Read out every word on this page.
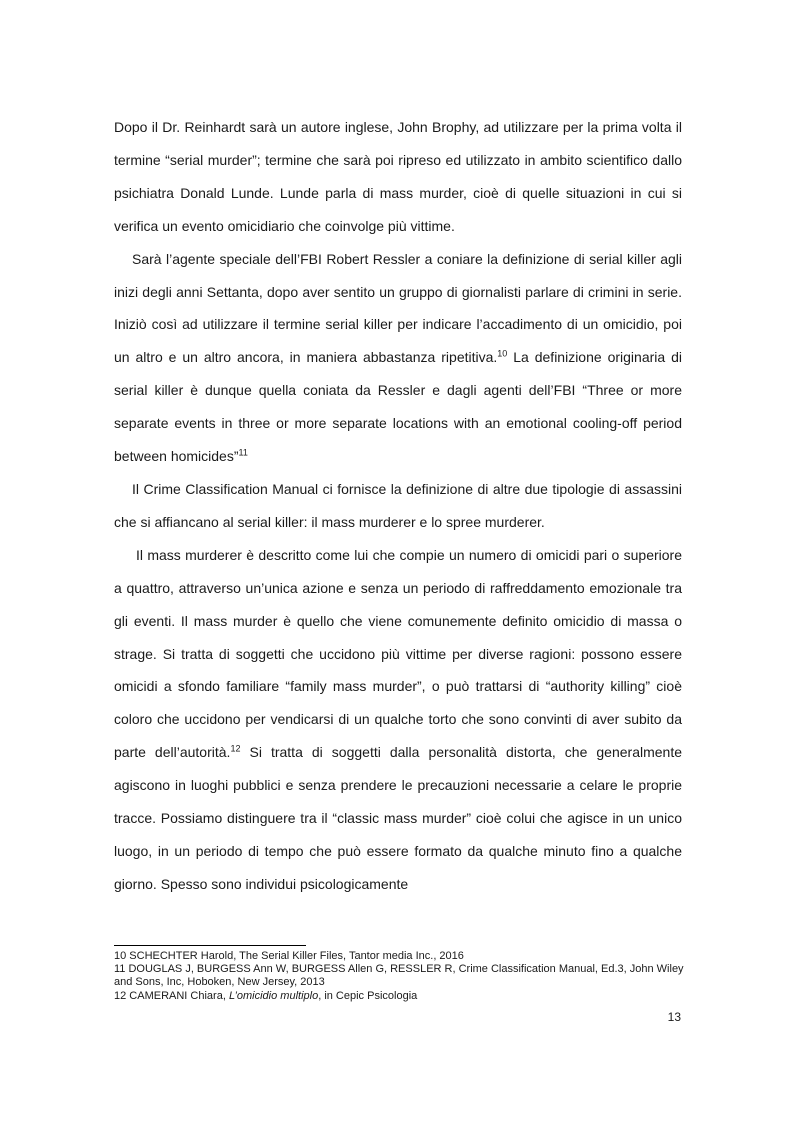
Dopo il Dr. Reinhardt sarà un autore inglese, John Brophy, ad utilizzare per la prima volta il termine “serial murder”; termine che sarà poi ripreso ed utilizzato in ambito scientifico dallo psichiatra Donald Lunde. Lunde parla di mass murder, cioè di quelle situazioni in cui si verifica un evento omicidiario che coinvolge più vittime.

Sarà l’agente speciale dell’FBI Robert Ressler a coniare la definizione di serial killer agli inizi degli anni Settanta, dopo aver sentito un gruppo di giornalisti parlare di crimini in serie. Iniziò così ad utilizzare il termine serial killer per indicare l’accadimento di un omicidio, poi un altro e un altro ancora, in maniera abbastanza ripetitiva.$^{10}$ La definizione originaria di serial killer è dunque quella coniata da Ressler e dagli agenti dell’FBI “Three or more separate events in three or more separate locations with an emotional cooling-off period between homicides”$^{11}$

Il Crime Classification Manual ci fornisce la definizione di altre due tipologie di assassini che si affiancano al serial killer: il mass murderer e lo spree murderer.

Il mass murderer è descritto come lui che compie un numero di omicidi pari o superiore a quattro, attraverso un’unica azione e senza un periodo di raffreddamento emozionale tra gli eventi. Il mass murder è quello che viene comunemente definito omicidio di massa o strage. Si tratta di soggetti che uccidono più vittime per diverse ragioni: possono essere omicidi a sfondo familiare “family mass murder”, o può trattarsi di “authority killing” cioè coloro che uccidono per vendicarsi di un qualche torto che sono convinti di aver subito da parte dell’autorità.$^{12}$ Si tratta di soggetti dalla personalità distorta, che generalmente agiscono in luoghi pubblici e senza prendere le precauzioni necessarie a celare le proprie tracce. Possiamo distinguere tra il “classic mass murder” cioè colui che agisce in un unico luogo, in un periodo di tempo che può essere formato da qualche minuto fino a qualche giorno. Spesso sono individui psicologicamente

10 SCHECHTER Harold, The Serial Killer Files, Tantor media Inc., 2016

11 DOUGLAS J, BURGESS Ann W, BURGESS Allen G, RESSLER R, Crime Classification Manual, Ed.3, John Wiley and Sons, Inc, Hoboken, New Jersey, 2013

12 CAMERANI Chiara, L’omicidio multiplo, in Cepic Psicologia

13
